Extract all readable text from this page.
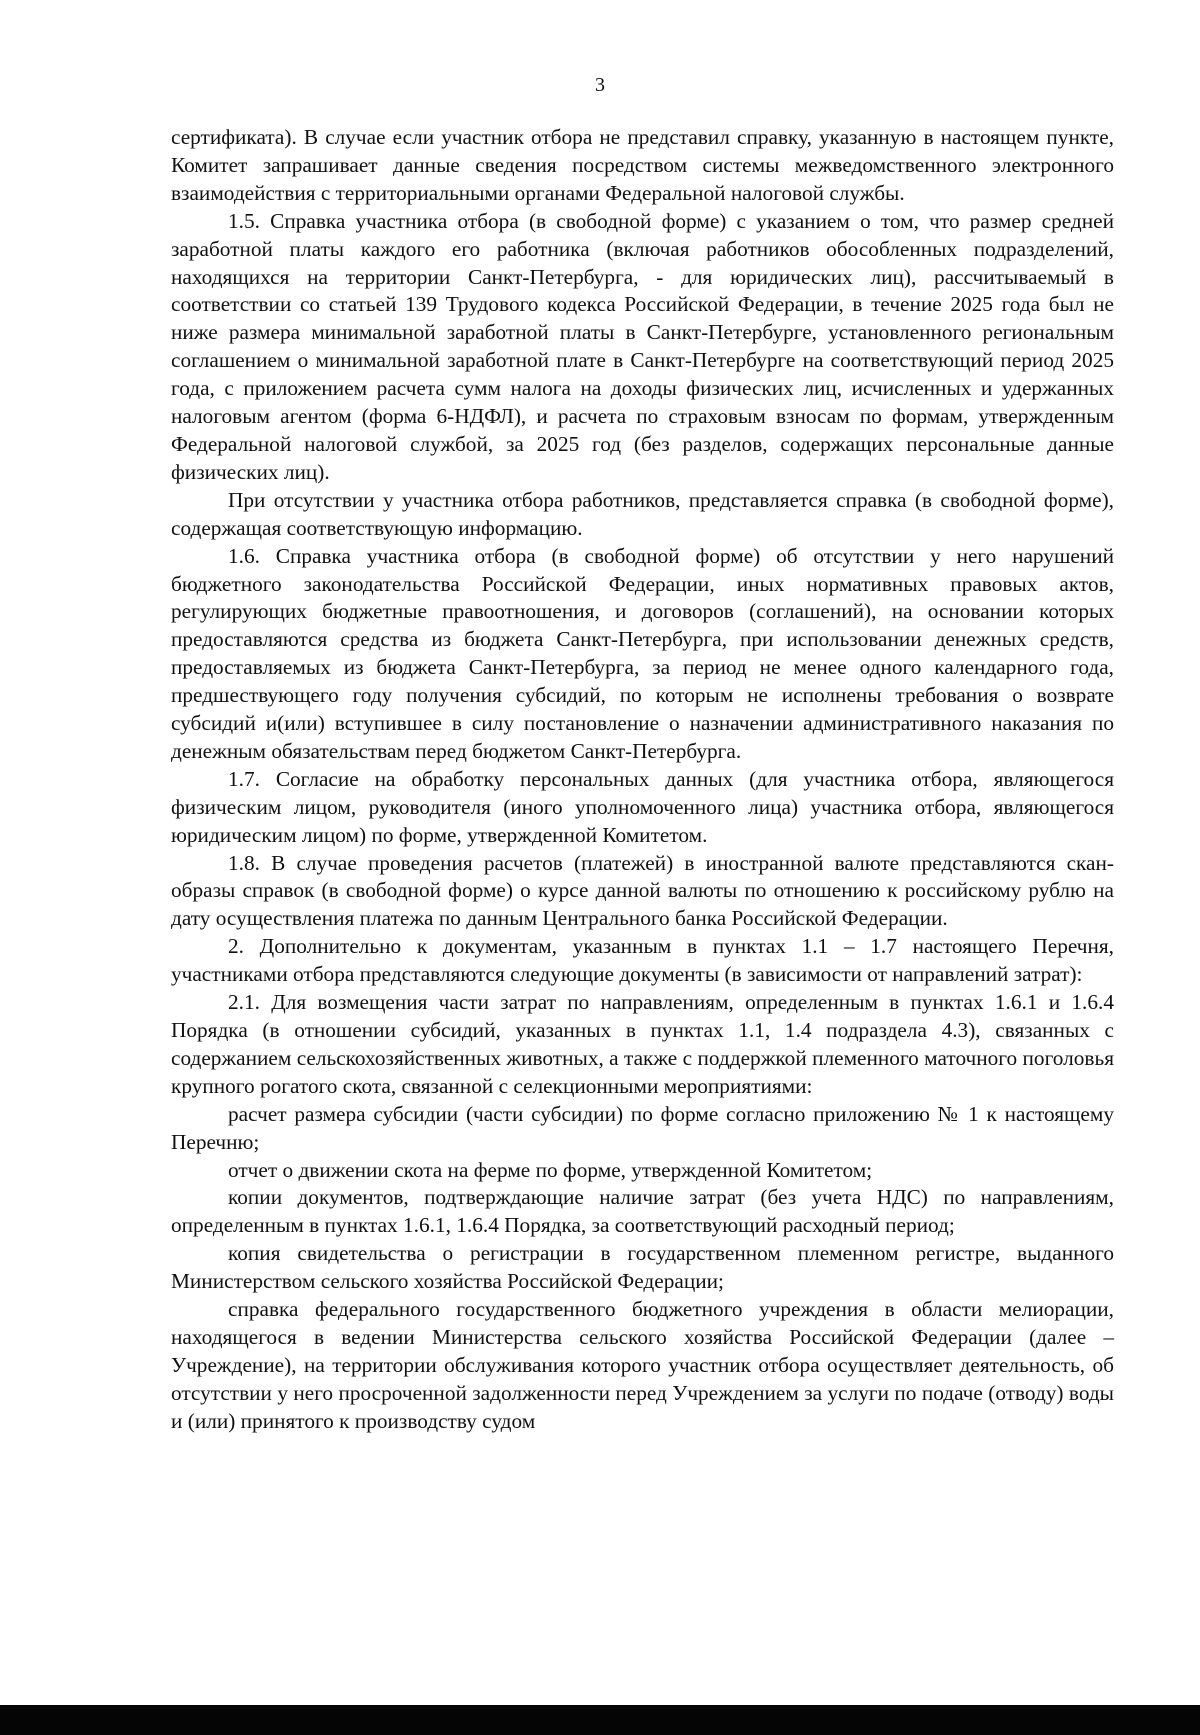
3

сертификата). В случае если участник отбора не представил справку, указанную в настоящем пункте, Комитет запрашивает данные сведения посредством системы межведомственного электронного взаимодействия с территориальными органами Федеральной налоговой службы.

1.5. Справка участника отбора (в свободной форме) с указанием о том, что размер средней заработной платы каждого его работника (включая работников обособленных подразделений, находящихся на территории Санкт-Петербурга, - для юридических лиц), рассчитываемый в соответствии со статьей 139 Трудового кодекса Российской Федерации, в течение 2025 года был не ниже размера минимальной заработной платы в Санкт-Петербурге, установленного региональным соглашением о минимальной заработной плате в Санкт-Петербурге на соответствующий период 2025 года, с приложением расчета сумм налога на доходы физических лиц, исчисленных и удержанных налоговым агентом (форма 6-НДФЛ), и расчета по страховым взносам по формам, утвержденным Федеральной налоговой службой, за 2025 год (без разделов, содержащих персональные данные физических лиц).

При отсутствии у участника отбора работников, представляется справка (в свободной форме), содержащая соответствующую информацию.

1.6. Справка участника отбора (в свободной форме) об отсутствии у него нарушений бюджетного законодательства Российской Федерации, иных нормативных правовых актов, регулирующих бюджетные правоотношения, и договоров (соглашений), на основании которых предоставляются средства из бюджета Санкт-Петербурга, при использовании денежных средств, предоставляемых из бюджета Санкт-Петербурга, за период не менее одного календарного года, предшествующего году получения субсидий, по которым не исполнены требования о возврате субсидий и(или) вступившее в силу постановление о назначении административного наказания по денежным обязательствам перед бюджетом Санкт-Петербурга.

1.7. Согласие на обработку персональных данных (для участника отбора, являющегося физическим лицом, руководителя (иного уполномоченного лица) участника отбора, являющегося юридическим лицом) по форме, утвержденной Комитетом.

1.8. В случае проведения расчетов (платежей) в иностранной валюте представляются скан-образы справок (в свободной форме) о курсе данной валюты по отношению к российскому рублю на дату осуществления платежа по данным Центрального банка Российской Федерации.

2. Дополнительно к документам, указанным в пунктах 1.1 – 1.7 настоящего Перечня, участниками отбора представляются следующие документы (в зависимости от направлений затрат):

2.1. Для возмещения части затрат по направлениям, определенным в пунктах 1.6.1 и 1.6.4 Порядка (в отношении субсидий, указанных в пунктах 1.1, 1.4 подраздела 4.3), связанных с содержанием сельскохозяйственных животных, а также с поддержкой племенного маточного поголовья крупного рогатого скота, связанной с селекционными мероприятиями:

расчет размера субсидии (части субсидии) по форме согласно приложению № 1 к настоящему Перечню;

отчет о движении скота на ферме по форме, утвержденной Комитетом;

копии документов, подтверждающие наличие затрат (без учета НДС) по направлениям, определенным в пунктах 1.6.1, 1.6.4 Порядка, за соответствующий расходный период;

копия свидетельства о регистрации в государственном племенном регистре, выданного Министерством сельского хозяйства Российской Федерации;

справка федерального государственного бюджетного учреждения в области мелиорации, находящегося в ведении Министерства сельского хозяйства Российской Федерации (далее – Учреждение), на территории обслуживания которого участник отбора осуществляет деятельность, об отсутствии у него просроченной задолженности перед Учреждением за услуги по подаче (отводу) воды и (или) принятого к производству судом
